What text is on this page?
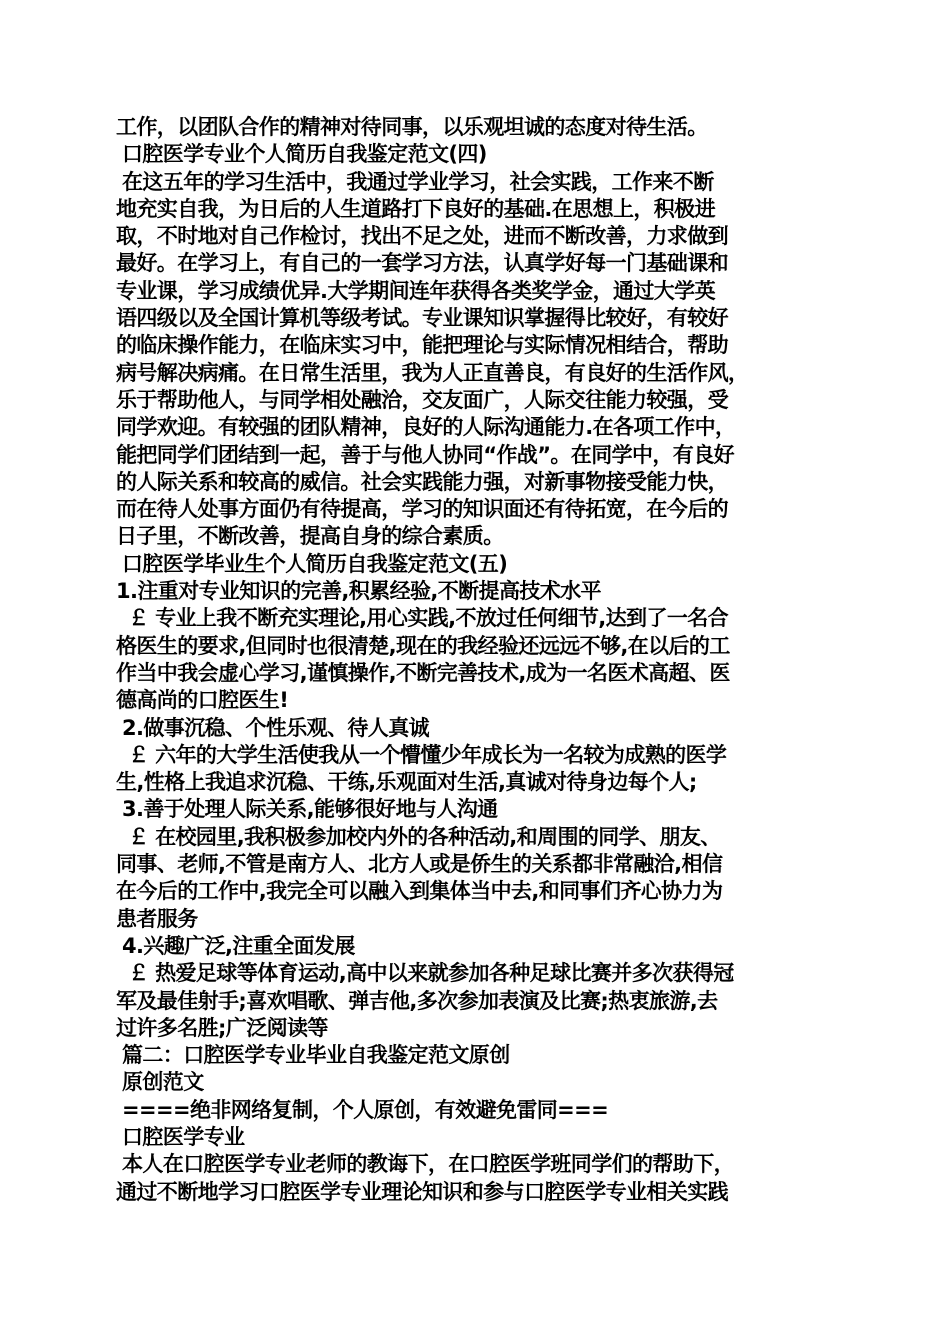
工作，以团队合作的精神对待同事，以乐观坦诚的态度对待生活。
口腔医学专业个人简历自我鉴定范文(四)
在这五年的学习生活中，我通过学业学习，社会实践，工作来不断
地充实自我，为日后的人生道路打下良好的基础.在思想上，积极进
取，不时地对自己作检讨，找出不足之处，进而不断改善，力求做到
最好。在学习上，有自己的一套学习方法，认真学好每一门基础课和
专业课，学习成绩优异.大学期间连年获得各类奖学金，通过大学英
语四级以及全国计算机等级考试。专业课知识掌握得比较好，有较好
的临床操作能力，在临床实习中，能把理论与实际情况相结合，帮助
病号解决病痛。在日常生活里，我为人正直善良，有良好的生活作风，
乐于帮助他人，与同学相处融洽，交友面广，人际交往能力较强，受
同学欢迎。有较强的团队精神，良好的人际沟通能力.在各项工作中，
能把同学们团结到一起，善于与他人协同“作战”。在同学中，有良好
的人际关系和较高的威信。社会实践能力强，对新事物接受能力快，
而在待人处事方面仍有待提高，学习的知识面还有待拓宽，在今后的
日子里，不断改善，提高自身的综合素质。
口腔医学毕业生个人简历自我鉴定范文(五)
1.注重对专业知识的完善,积累经验,不断提高技术水平
￡ 专业上我不断充实理论,用心实践,不放过任何细节,达到了一名合
格医生的要求,但同时也很清楚,现在的我经验还远远不够,在以后的工
作当中我会虚心学习,谨慎操作,不断完善技术,成为一名医术高超、医
德高尚的口腔医生!
2.做事沉稳、个性乐观、待人真诚
￡ 六年的大学生活使我从一个懵懂少年成长为一名较为成熟的医学
生,性格上我追求沉稳、干练,乐观面对生活,真诚对待身边每个人;
3.善于处理人际关系,能够很好地与人沟通
￡ 在校园里,我积极参加校内外的各种活动,和周围的同学、朋友、
同事、老师,不管是南方人、北方人或是侨生的关系都非常融洽,相信
在今后的工作中,我完全可以融入到集体当中去,和同事们齐心协力为
患者服务
4.兴趣广泛,注重全面发展
￡ 热爱足球等体育运动,高中以来就参加各种足球比赛并多次获得冠
军及最佳射手;喜欢唱歌、弹吉他,多次参加表演及比赛;热衷旅游,去
过许多名胜;广泛阅读等
篇二：口腔医学专业毕业自我鉴定范文原创
原创范文
====绝非网络复制，个人原创，有效避免雷同===
口腔医学专业
本人在口腔医学专业老师的教诲下，在口腔医学班同学们的帮助下，
通过不断地学习口腔医学专业理论知识和参与口腔医学专业相关实践
